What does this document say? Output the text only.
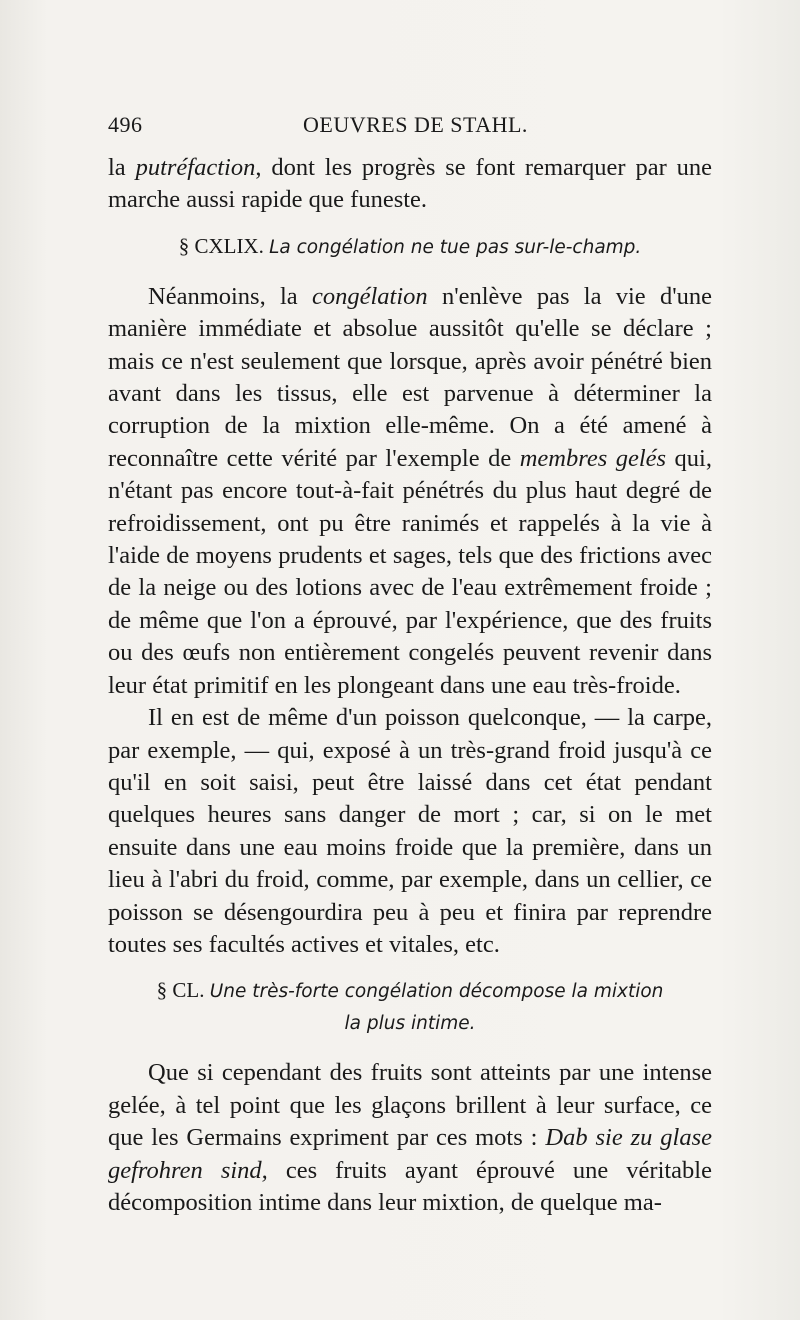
496	OEUVRES DE STAHL.

la putréfaction, dont les progrès se font remarquer par une marche aussi rapide que funeste.

§ CXLIX. La congélation ne tue pas sur-le-champ.

Néanmoins, la congélation n'enlève pas la vie d'une manière immédiate et absolue aussitôt qu'elle se déclare ; mais ce n'est seulement que lorsque, après avoir pénétré bien avant dans les tissus, elle est parvenue à déterminer la corruption de la mixtion elle-même. On a été amené à reconnaître cette vérité par l'exemple de membres gelés qui, n'étant pas encore tout-à-fait pénétrés du plus haut degré de refroidissement, ont pu être ranimés et rappelés à la vie à l'aide de moyens prudents et sages, tels que des frictions avec de la neige ou des lotions avec de l'eau extrêmement froide ; de même que l'on a éprouvé, par l'expérience, que des fruits ou des œufs non entièrement congelés peuvent revenir dans leur état primitif en les plongeant dans une eau très-froide.

Il en est de même d'un poisson quelconque, — la carpe, par exemple, — qui, exposé à un très-grand froid jusqu'à ce qu'il en soit saisi, peut être laissé dans cet état pendant quelques heures sans danger de mort ; car, si on le met ensuite dans une eau moins froide que la première, dans un lieu à l'abri du froid, comme, par exemple, dans un cellier, ce poisson se désengourdira peu à peu et finira par reprendre toutes ses facultés actives et vitales, etc.

§ CL. Une très-forte congélation décompose la mixtion
la plus intime.

Que si cependant des fruits sont atteints par une intense gelée, à tel point que les glaçons brillent à leur surface, ce que les Germains expriment par ces mots : Dab sie zu glase gefrohren sind, ces fruits ayant éprouvé une véritable décomposition intime dans leur mixtion, de quelque ma-
